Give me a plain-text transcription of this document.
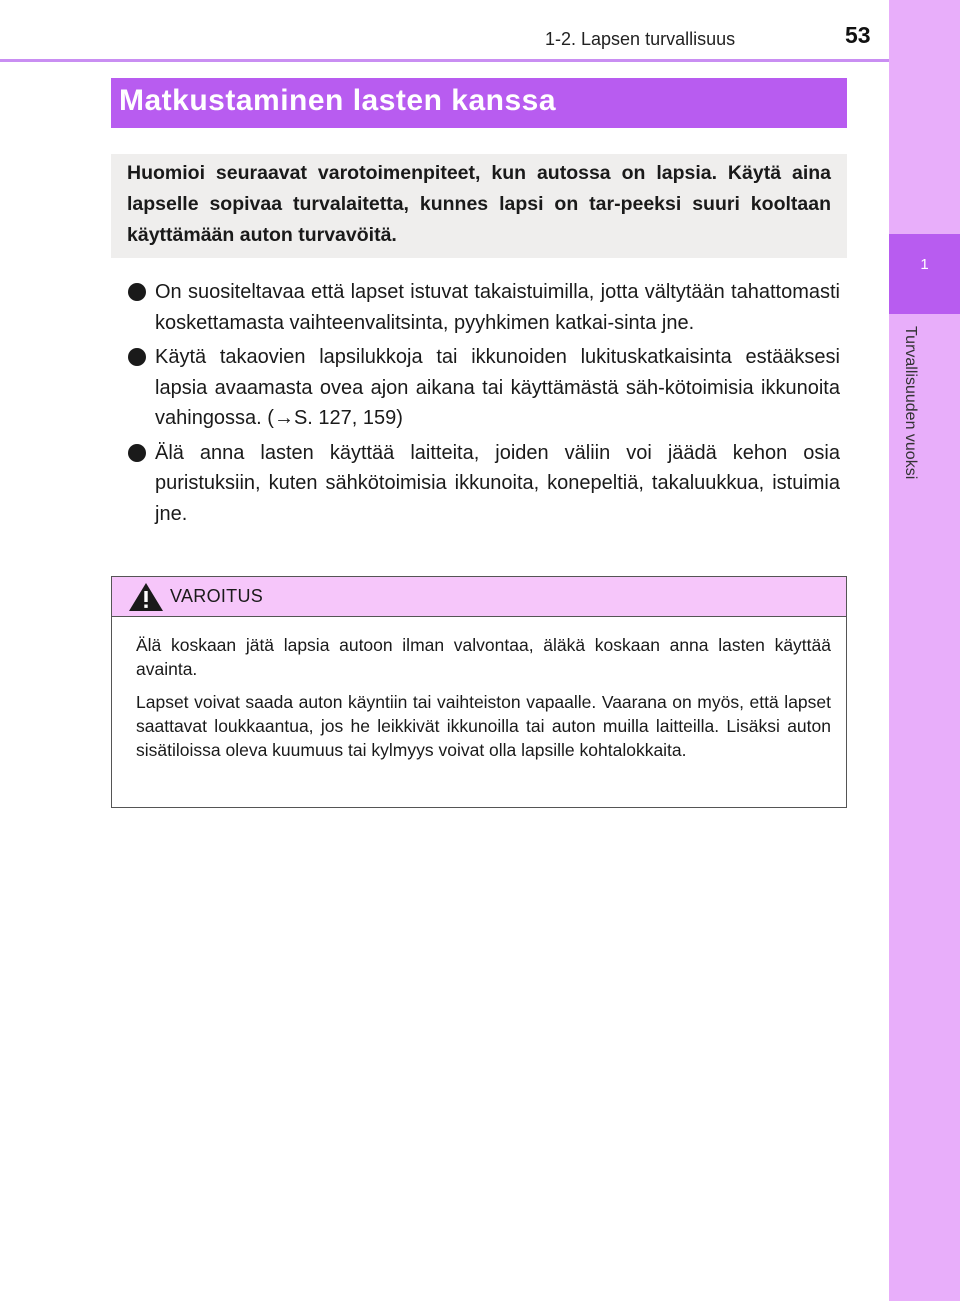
1
Turvallisuuden vuoksi
1-2. Lapsen turvallisuus	53
Matkustaminen lasten kanssa
Huomioi seuraavat varotoimenpiteet, kun autossa on lapsia. Käytä aina lapselle sopivaa turvalaitetta, kunnes lapsi on tar-peeksi suuri kooltaan käyttämään auton turvavöitä.
On suositeltavaa että lapset istuvat takaistuimilla, jotta vältytään tahattomasti koskettamasta vaihteenvalitsinta, pyyhkimen katkai-sinta jne.
Käytä takaovien lapsilukkoja tai ikkunoiden lukituskatkaisinta estääksesi lapsia avaamasta ovea ajon aikana tai käyttämästä säh-kötoimisia ikkunoita vahingossa. (→S. 127, 159)
Älä anna lasten käyttää laitteita, joiden väliin voi jäädä kehon osia puristuksiin, kuten sähkötoimisia ikkunoita, konepeltiä, takaluukkua, istuimia jne.
VAROITUS

Älä koskaan jätä lapsia autoon ilman valvontaa, äläkä koskaan anna lasten käyttää avainta.

Lapset voivat saada auton käyntiin tai vaihteiston vapaalle. Vaarana on myös, että lapset saattavat loukkaantua, jos he leikkivät ikkunoilla tai auton muilla laitteilla. Lisäksi auton sisätiloissa oleva kuumuus tai kylmyys voivat olla lapsille kohtalokkaita.
